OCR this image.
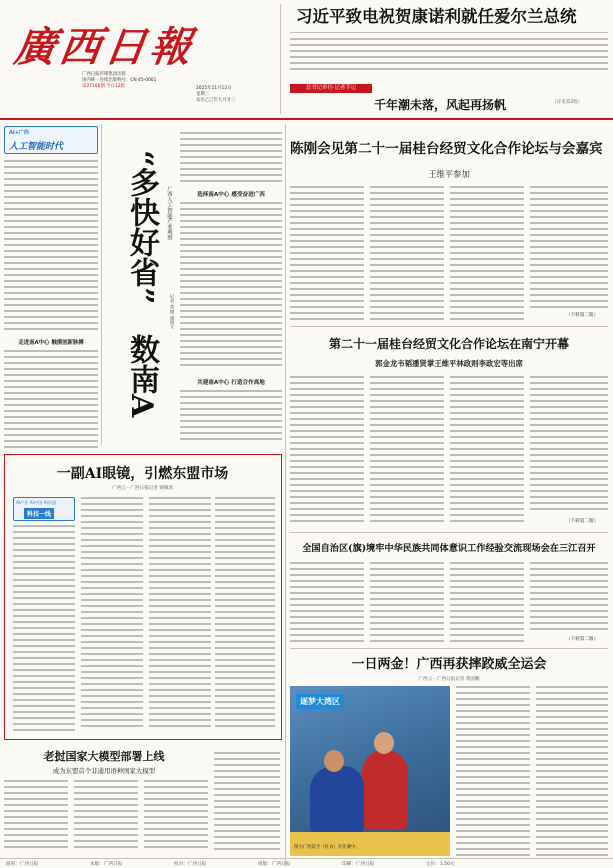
廣西日報
广西日报传媒集团出版
国内统一连续出版物号：CN 45-0001
第27166期 今日12版	2025年11月12日
星期三
农历乙巳年九月廿三
习近平致电祝贺康诺利就任爱尔兰总统
总书记牵挂·记者手记
千年潮未落，风起再扬帆	（详见第2版）
AI+广西
人工智能时代
走进南A中心 触摸创新脉搏
广西人工智能产业观察
“多快好省”
数南A
记者 黄樱 施晓天
选择南A中心 感受奋进广西
共建南A中心 打造合作高地
一副AI眼镜，引燃东盟市场
广西云－广西日报记者 蒙佩瑶
AI产业 AI中国 AI东盟
科技一线
老挝国家大模型部署上线
成为东盟首个非通用语种国家大模型
陈刚会见第二十一届桂台经贸文化合作论坛与会嘉宾
王维平参加
（下转第二版）
第二十一届桂台经贸文化合作论坛在南宁开幕
郭金龙韦韬潘贤掌王维平林政则李政宏等出席
（下转第二版）
全国自治区(旗)境牢中华民族共同体意识工作经验交流现场会在三江召开
（下转第二版）
一日两金！广西再获摔跤威全运会
广西云－广西日报记者 黄国鹏
逐梦大湾区
图为广西选手（红衣）在比赛中。
值班：广西日报	本版：广西日报	校对：广西日报	排版：广西日报	印刷：广西日报	定价：1.50元
